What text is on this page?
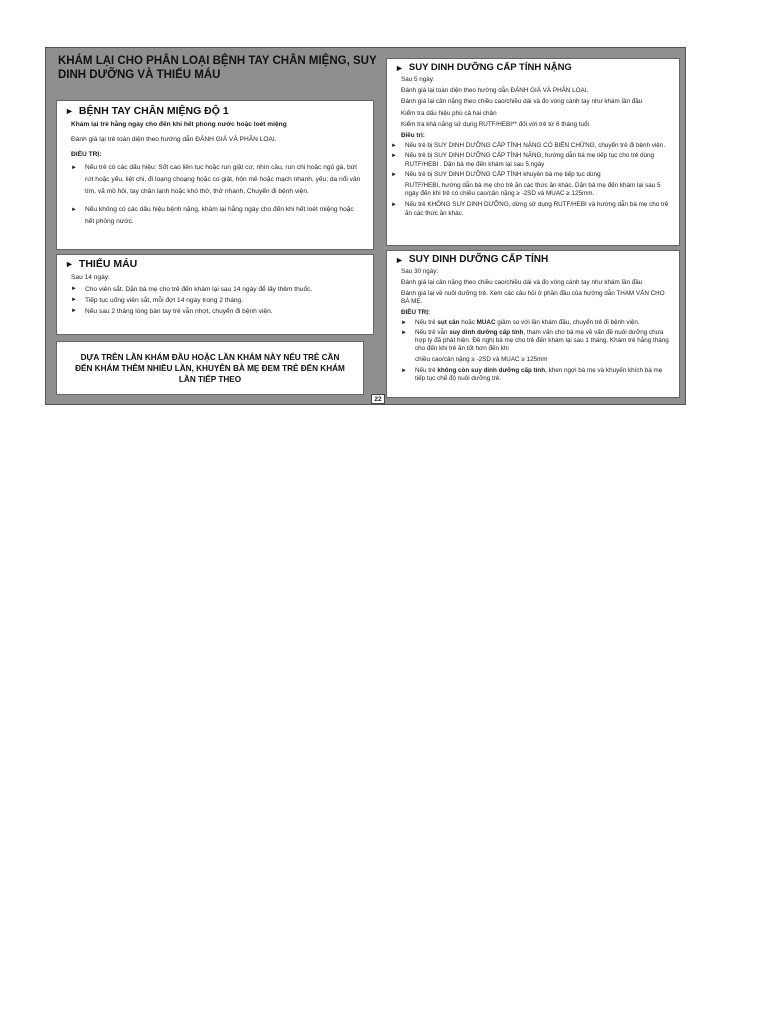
KHÁM LẠI CHO PHÂN LOẠI BỆNH TAY CHÂN MIỆNG, SUY DINH DƯỠNG VÀ THIẾU MÁU
► BỆNH TAY CHÂN MIỆNG ĐỘ 1

Khám lại trẻ hằng ngày cho đến khi hết phỏng nước hoặc loét miệng

Đánh giá lại trẻ toàn diện theo hướng dẫn ĐÁNH GIÁ VÀ PHÂN LOẠI.

ĐIỀU TRỊ:

► Nếu trẻ có các dấu hiệu: Sốt cao liên tục hoặc run giật cơ, nhìn cầu, run chi hoặc ngủ gà, bứt rứt hoặc yếu, liệt chi, đi loạng choạng hoặc co giật, hôn mê hoặc mạch nhanh, yếu; da nổi vân tím, vã mồ hôi, tay chân lạnh hoặc khó thở, thở nhanh, Chuyển đi bệnh viện.
► Nếu không có các dấu hiệu bệnh nặng, khám lại hằng ngày cho đến khi hết loét miệng hoặc hết phỏng nước.
► THIẾU MÁU

Sau 14 ngày:

► Cho viên sắt. Dặn bà mẹ cho trẻ đến khám lại sau 14 ngày để lấy thêm thuốc.
► Tiếp tục uống viên sắt, mỗi đợt 14 ngày trong 2 tháng.
► Nếu sau 2 tháng lòng bàn tay trẻ vẫn nhợt, chuyển đi bệnh viện.
DỰA TRÊN LẦN KHÁM ĐẦU HOẶC LẦN KHÁM NÀY NẾU TRẺ CẦN ĐẾN KHÁM THÊM NHIỀU LẦN, KHUYÊN BÀ MẸ ĐEM TRẺ ĐẾN KHÁM LẦN TIẾP THEO
22
► SUY DINH DƯỠNG CẤP TÍNH NẶNG

Sau 5 ngày:

Đánh giá lại toàn diện theo hướng dẫn ĐÁNH GIÁ VÀ PHÂN LOẠI.

Đánh giá lại cân nặng theo chiều cao/chiều dài và đo vòng cánh tay như khám lần đầu

Kiểm tra dấu hiệu phù cả hai chân

Kiểm tra khả năng sử dụng RUTF/HEBI** đối với trẻ từ 6 tháng tuổi

Điều trị:

► Nếu trẻ bị SUY DINH DƯỠNG CẤP TÍNH NẶNG CÓ BIẾN CHỨNG, chuyển trẻ đi bệnh viện.
► Nếu trẻ bị SUY DINH DƯỠNG CẤP TÍNH NẶNG, hướng dẫn bà mẹ tiếp tục cho trẻ dùng RUTF/HEBI . Dặn bà mẹ đến khám lại sau 5 ngày
► Nếu trẻ bị SUY DINH DƯỠNG CẤP TÍNH khuyên bà mẹ tiếp tục dùng

RUTF/HEBI, hướng dẫn bà mẹ cho trẻ ăn các thức ăn khác. Dặn bà mẹ đến khám lại sau 5 ngày đến khi trẻ có chiều cao/cân nặng ≥ -2SD và MUAC ≥ 125mm.

► Nếu trẻ KHÔNG SUY DINH DƯỠNG, dừng sử dụng RUTF/HEBI và hướng dẫn bà mẹ cho trẻ ăn các thức ăn khác.
► SUY DINH DƯỠNG CẤP TÍNH

Sau 30 ngày:

Đánh giá lại cân nặng theo chiều cao/chiều dài và đo vòng cánh tay như khám lần đầu

Đánh giá lại về nuôi dưỡng trẻ. Xem các câu hỏi ở phần đầu của hướng dẫn THAM VẤN CHO BÀ MẸ.

ĐIỀU TRỊ:

► Nếu trẻ sụt cân hoặc MUAC giảm so với lần khám đầu, chuyển trẻ đi bệnh viện.
► Nếu trẻ vẫn suy dinh dưỡng cấp tính, tham vấn cho bà mẹ về vấn đề nuôi dưỡng chưa hợp lý đã phát hiện. Đề nghị bà mẹ cho trẻ đến khám lại sau 1 tháng. Khám trẻ hằng tháng cho đến khi trẻ ăn tốt hơn đến khi

chiều cao/cân nặng ≥ -2SD và MUAC ≥ 125mm

► Nếu trẻ không còn suy dinh dưỡng cấp tính, khen ngợi bà mẹ và khuyến khích bà mẹ tiếp tục chế độ nuôi dưỡng trẻ.
